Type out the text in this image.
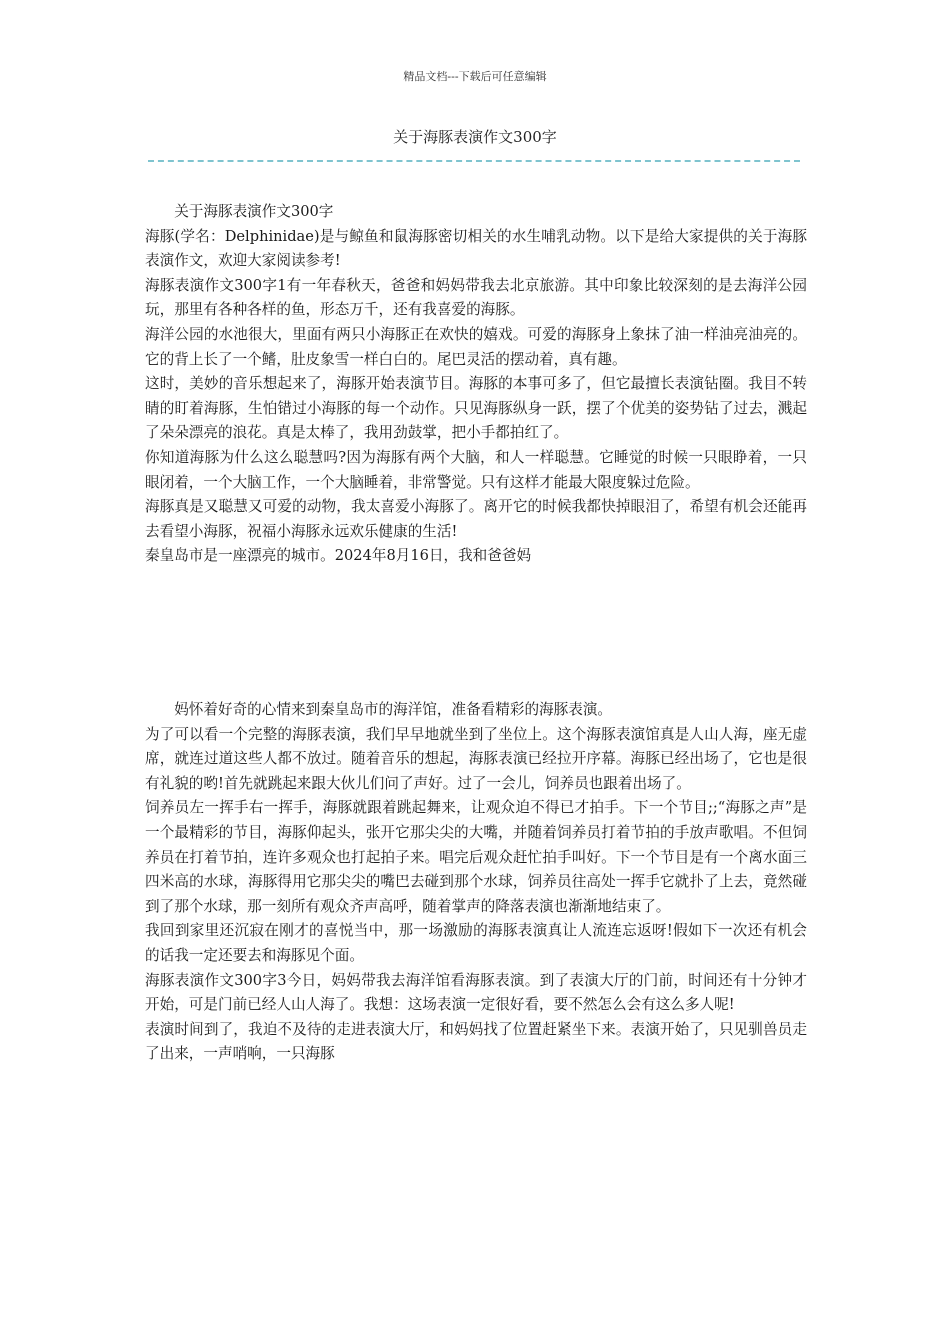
精品文档---下载后可任意编辑
关于海豚表演作文300字

关于海豚表演作文300字

海豚(学名：Delphinidae)是与鲸鱼和鼠海豚密切相关的水生哺乳动物。以下是给大家提供的关于海豚表演作文，欢迎大家阅读参考!

海豚表演作文300字1有一年春秋天，爸爸和妈妈带我去北京旅游。其中印象比较深刻的是去海洋公园玩，那里有各种各样的鱼，形态万千，还有我喜爱的海豚。

海洋公园的水池很大，里面有两只小海豚正在欢快的嬉戏。可爱的海豚身上象抹了油一样油亮油亮的。它的背上长了一个鳍，肚皮象雪一样白白的。尾巴灵活的摆动着，真有趣。

这时，美妙的音乐想起来了，海豚开始表演节目。海豚的本事可多了，但它最擅长表演钻圈。我目不转睛的盯着海豚，生怕错过小海豚的每一个动作。只见海豚纵身一跃，摆了个优美的姿势钻了过去，溅起了朵朵漂亮的浪花。真是太棒了，我用劲鼓掌，把小手都拍红了。

你知道海豚为什么这么聪慧吗?因为海豚有两个大脑，和人一样聪慧。它睡觉的时候一只眼睁着，一只眼闭着，一个大脑工作，一个大脑睡着，非常警觉。只有这样才能最大限度躲过危险。

海豚真是又聪慧又可爱的动物，我太喜爱小海豚了。离开它的时候我都快掉眼泪了，希望有机会还能再去看望小海豚，祝福小海豚永远欢乐健康的生活!

秦皇岛市是一座漂亮的城市。2024年8月16日，我和爸爸妈

妈怀着好奇的心情来到秦皇岛市的海洋馆，准备看精彩的海豚表演。

为了可以看一个完整的海豚表演，我们早早地就坐到了坐位上。这个海豚表演馆真是人山人海，座无虚席，就连过道这些人都不放过。随着音乐的想起，海豚表演已经拉开序幕。海豚已经出场了，它也是很有礼貌的哟!首先就跳起来跟大伙儿们问了声好。过了一会儿，饲养员也跟着出场了。

饲养员左一挥手右一挥手，海豚就跟着跳起舞来，让观众迫不得已才拍手。下一个节目;;“海豚之声”是一个最精彩的节目，海豚仰起头，张开它那尖尖的大嘴，并随着饲养员打着节拍的手放声歌唱。不但饲养员在打着节拍，连许多观众也打起拍子来。唱完后观众赶忙拍手叫好。下一个节目是有一个离水面三四米高的水球，海豚得用它那尖尖的嘴巴去碰到那个水球，饲养员往高处一挥手它就扑了上去，竟然碰到了那个水球，那一刻所有观众齐声高呼，随着掌声的降落表演也渐渐地结束了。

我回到家里还沉寂在刚才的喜悦当中，那一场激励的海豚表演真让人流连忘返呀!假如下一次还有机会的话我一定还要去和海豚见个面。

海豚表演作文300字3今日，妈妈带我去海洋馆看海豚表演。到了表演大厅的门前，时间还有十分钟才开始，可是门前已经人山人海了。我想：这场表演一定很好看，要不然怎么会有这么多人呢!

表演时间到了，我迫不及待的走进表演大厅，和妈妈找了位置赶紧坐下来。表演开始了，只见驯兽员走了出来，一声哨响，一只海豚
